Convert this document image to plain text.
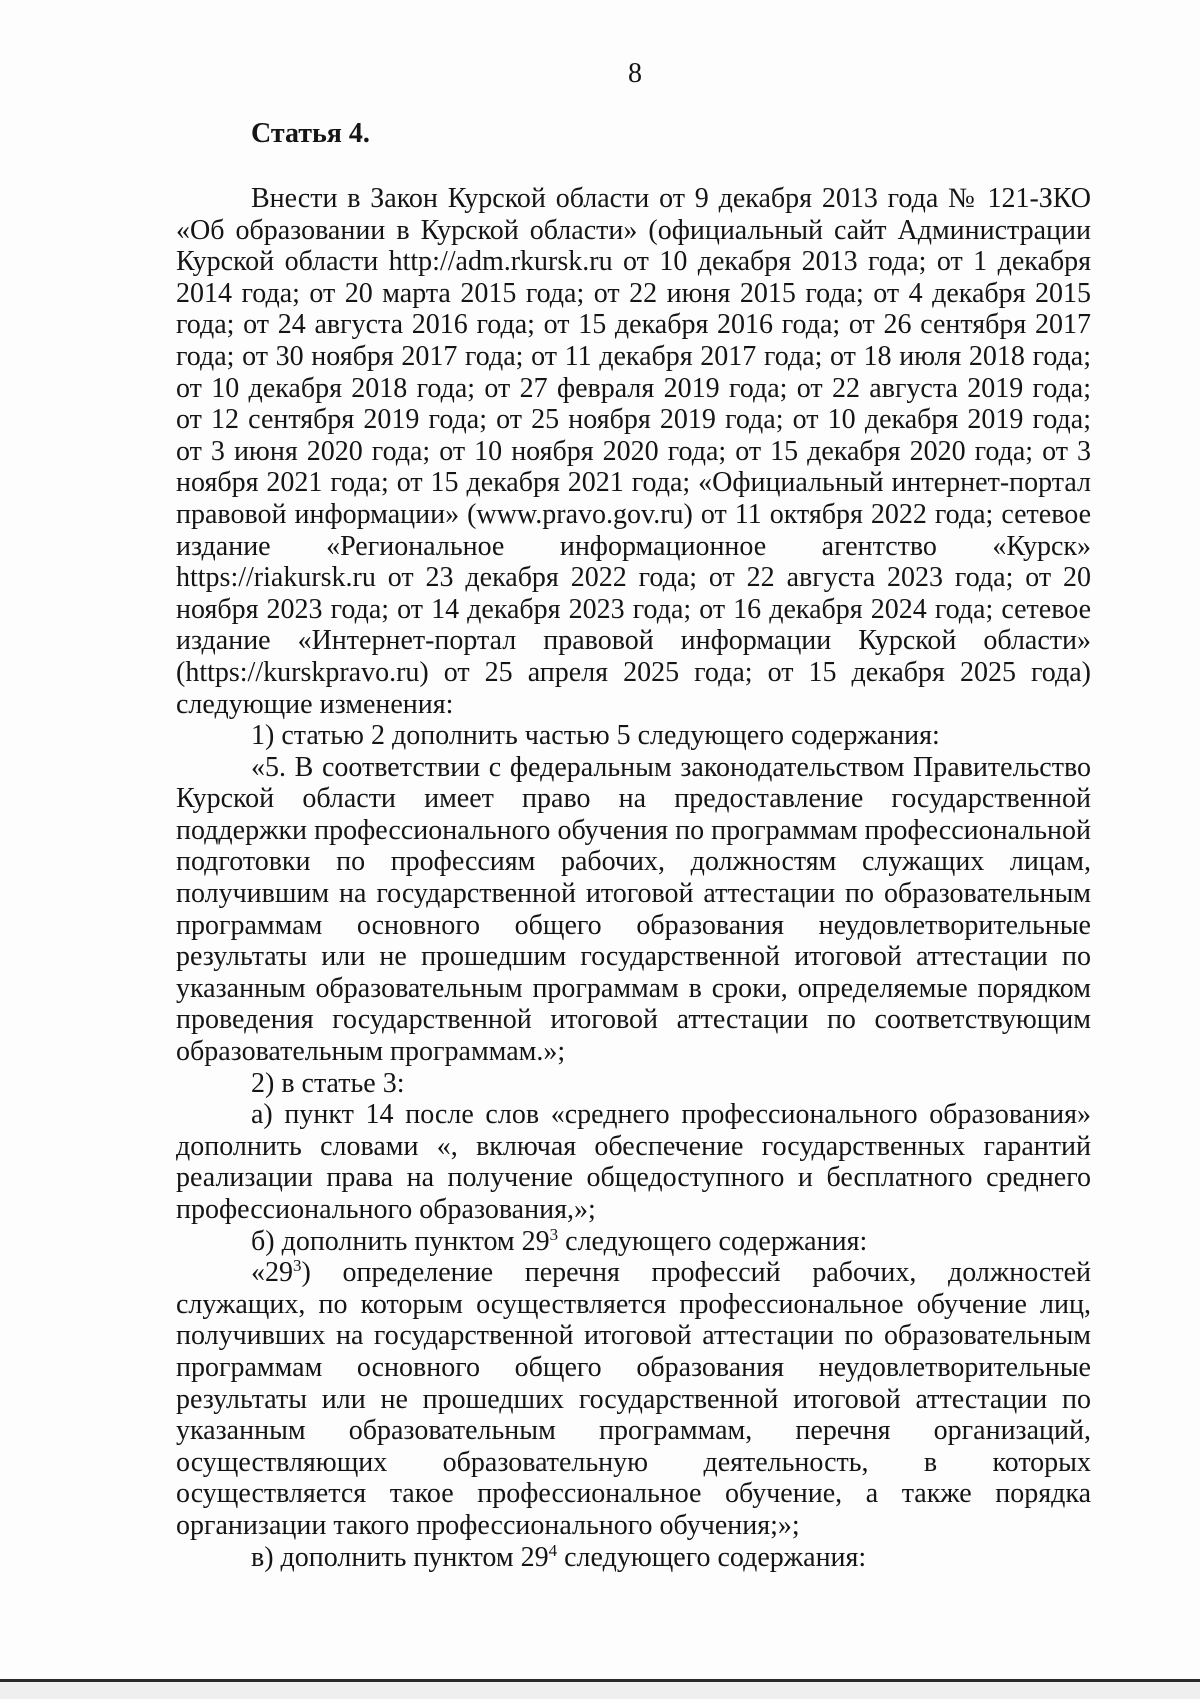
8
Статья 4.

Внести в Закон Курской области от 9 декабря 2013 года № 121-ЗКО «Об образовании в Курской области» (официальный сайт Администрации Курской области http://adm.rkursk.ru от 10 декабря 2013 года; от 1 декабря 2014 года; от 20 марта 2015 года; от 22 июня 2015 года; от 4 декабря 2015 года; от 24 августа 2016 года; от 15 декабря 2016 года; от 26 сентября 2017 года; от 30 ноября 2017 года; от 11 декабря 2017 года; от 18 июля 2018 года; от 10 декабря 2018 года; от 27 февраля 2019 года; от 22 августа 2019 года; от 12 сентября 2019 года; от 25 ноября 2019 года; от 10 декабря 2019 года; от 3 июня 2020 года; от 10 ноября 2020 года; от 15 декабря 2020 года; от 3 ноября 2021 года; от 15 декабря 2021 года; «Официальный интернет-портал правовой информации» (www.pravo.gov.ru) от 11 октября 2022 года; сетевое издание «Региональное информационное агентство «Курск» https://riakursk.ru от 23 декабря 2022 года; от 22 августа 2023 года; от 20 ноября 2023 года; от 14 декабря 2023 года; от 16 декабря 2024 года; сетевое издание «Интернет-портал правовой информации Курской области» (https://kurskpravo.ru) от 25 апреля 2025 года; от 15 декабря 2025 года) следующие изменения:

1) статью 2 дополнить частью 5 следующего содержания:

«5. В соответствии с федеральным законодательством Правительство Курской области имеет право на предоставление государственной поддержки профессионального обучения по программам профессиональной подготовки по профессиям рабочих, должностям служащих лицам, получившим на государственной итоговой аттестации по образовательным программам основного общего образования неудовлетворительные результаты или не прошедшим государственной итоговой аттестации по указанным образовательным программам в сроки, определяемые порядком проведения государственной итоговой аттестации по соответствующим образовательным программам.»;

2) в статье 3:

а) пункт 14 после слов «среднего профессионального образования» дополнить словами «, включая обеспечение государственных гарантий реализации права на получение общедоступного и бесплатного среднего профессионального образования,»;

б) дополнить пунктом $29^3$ следующего содержания:

«$29^3$) определение перечня профессий рабочих, должностей служащих, по которым осуществляется профессиональное обучение лиц, получивших на государственной итоговой аттестации по образовательным программам основного общего образования неудовлетворительные результаты или не прошедших государственной итоговой аттестации по указанным образовательным программам, перечня организаций, осуществляющих образовательную деятельность, в которых осуществляется такое профессиональное обучение, а также порядка организации такого профессионального обучения;»;

в) дополнить пунктом $29^4$ следующего содержания:
